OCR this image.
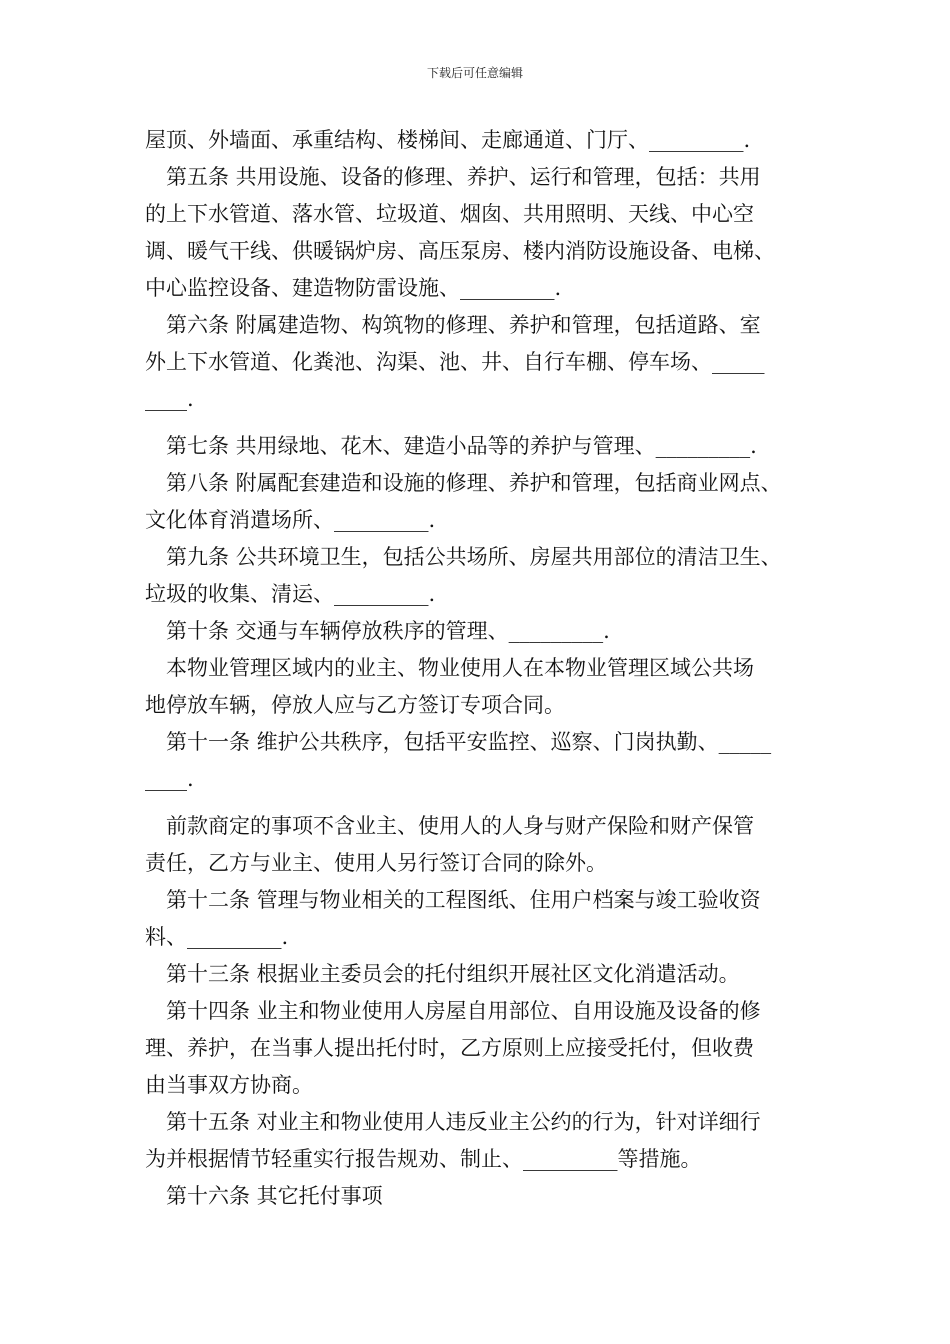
下载后可任意编辑
屋顶、外墙面、承重结构、楼梯间、走廊通道、门厅、_________.
第五条 共用设施、设备的修理、养护、运行和管理，包括：共用
的上下水管道、落水管、垃圾道、烟囱、共用照明、天线、中心空
调、暖气干线、供暖锅炉房、高压泵房、楼内消防设施设备、电梯、
中心监控设备、建造物防雷设施、_________.
第六条 附属建造物、构筑物的修理、养护和管理，包括道路、室
外上下水管道、化粪池、沟渠、池、井、自行车棚、停车场、_____
____.
第七条 共用绿地、花木、建造小品等的养护与管理、_________.
第八条 附属配套建造和设施的修理、养护和管理，包括商业网点、
文化体育消遣场所、_________.
第九条 公共环境卫生，包括公共场所、房屋共用部位的清洁卫生、
垃圾的收集、清运、_________.
第十条 交通与车辆停放秩序的管理、_________.
本物业管理区域内的业主、物业使用人在本物业管理区域公共场
地停放车辆，停放人应与乙方签订专项合同。
第十一条 维护公共秩序，包括平安监控、巡察、门岗执勤、_____
____.
前款商定的事项不含业主、使用人的人身与财产保险和财产保管
责任，乙方与业主、使用人另行签订合同的除外。
第十二条 管理与物业相关的工程图纸、住用户档案与竣工验收资
料、_________.
第十三条 根据业主委员会的托付组织开展社区文化消遣活动。
第十四条 业主和物业使用人房屋自用部位、自用设施及设备的修
理、养护，在当事人提出托付时，乙方原则上应接受托付，但收费
由当事双方协商。
第十五条 对业主和物业使用人违反业主公约的行为，针对详细行
为并根据情节轻重实行报告规劝、制止、_________等措施。
第十六条 其它托付事项
